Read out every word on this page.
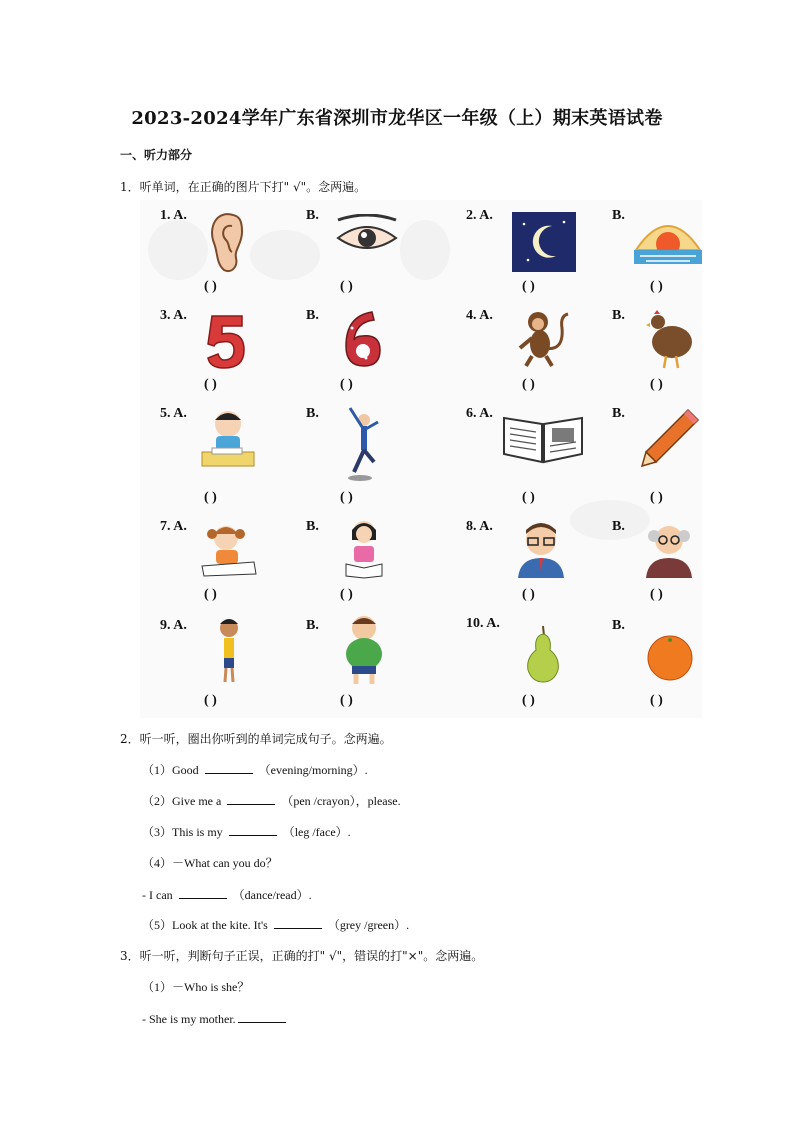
2023-2024学年广东省深圳市龙华区一年级（上）期末英语试卷
一、听力部分
1．听单词，在正确的图片下打" √"。念两遍。
1. A.	B.	2. A.	B.
( )	( )	( )	( )
3. A.	B.	4. A.	B.
( )	( )	( )	( )
5. A.	B.	6. A.	B.
( )	( )	( )	( )
7. A.	B.	8. A.	B.
( )	( )	( )	( )
9. A.	B.	10. A.	B.
( )	( )	( )	( )
2．听一听，圈出你听到的单词完成句子。念两遍。
（1）Good	（evening/morning）.
（2）Give me a	（pen /crayon），please.
（3）This is my	（leg /face）.
（4）－What can you do？
- I can	（dance/read）.
（5）Look at the kite. It's	（grey /green）.
3．听一听，判断句子正误，正确的打" √"，错误的打"×"。念两遍。
（1）－Who is she？
- She is my mother.
